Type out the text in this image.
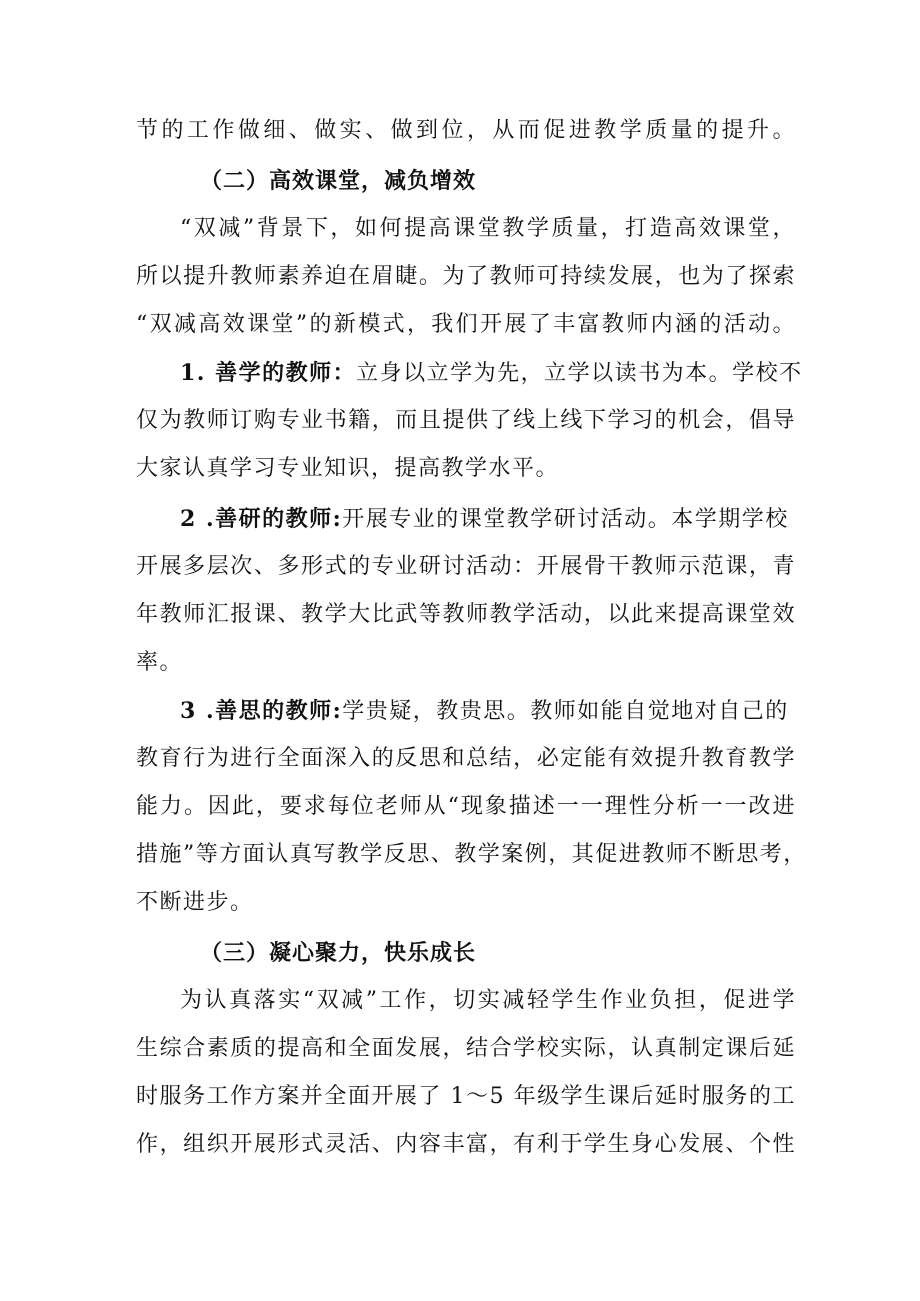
节的工作做细、做实、做到位，从而促进教学质量的提升。
（二）高效课堂，减负增效
“双减”背景下，如何提高课堂教学质量，打造高效课堂，
所以提升教师素养迫在眉睫。为了教师可持续发展，也为了探索
“双减高效课堂”的新模式，我们开展了丰富教师内涵的活动。
1. 善学的教师：立身以立学为先，立学以读书为本。学校不
仅为教师订购专业书籍，而且提供了线上线下学习的机会，倡导
大家认真学习专业知识，提高教学水平。
2 .善研的教师:开展专业的课堂教学研讨活动。本学期学校
开展多层次、多形式的专业研讨活动：开展骨干教师示范课，青
年教师汇报课、教学大比武等教师教学活动，以此来提高课堂效
率。
3 .善思的教师:学贵疑，教贵思。教师如能自觉地对自己的
教育行为进行全面深入的反思和总结，必定能有效提升教育教学
能力。因此，要求每位老师从“现象描述一一理性分析一一改进
措施”等方面认真写教学反思、教学案例，其促进教师不断思考，
不断进步。
（三）凝心聚力，快乐成长
为认真落实“双减”工作，切实减轻学生作业负担，促进学
生综合素质的提高和全面发展，结合学校实际，认真制定课后延
时服务工作方案并全面开展了 1～5 年级学生课后延时服务的工
作，组织开展形式灵活、内容丰富，有利于学生身心发展、个性
